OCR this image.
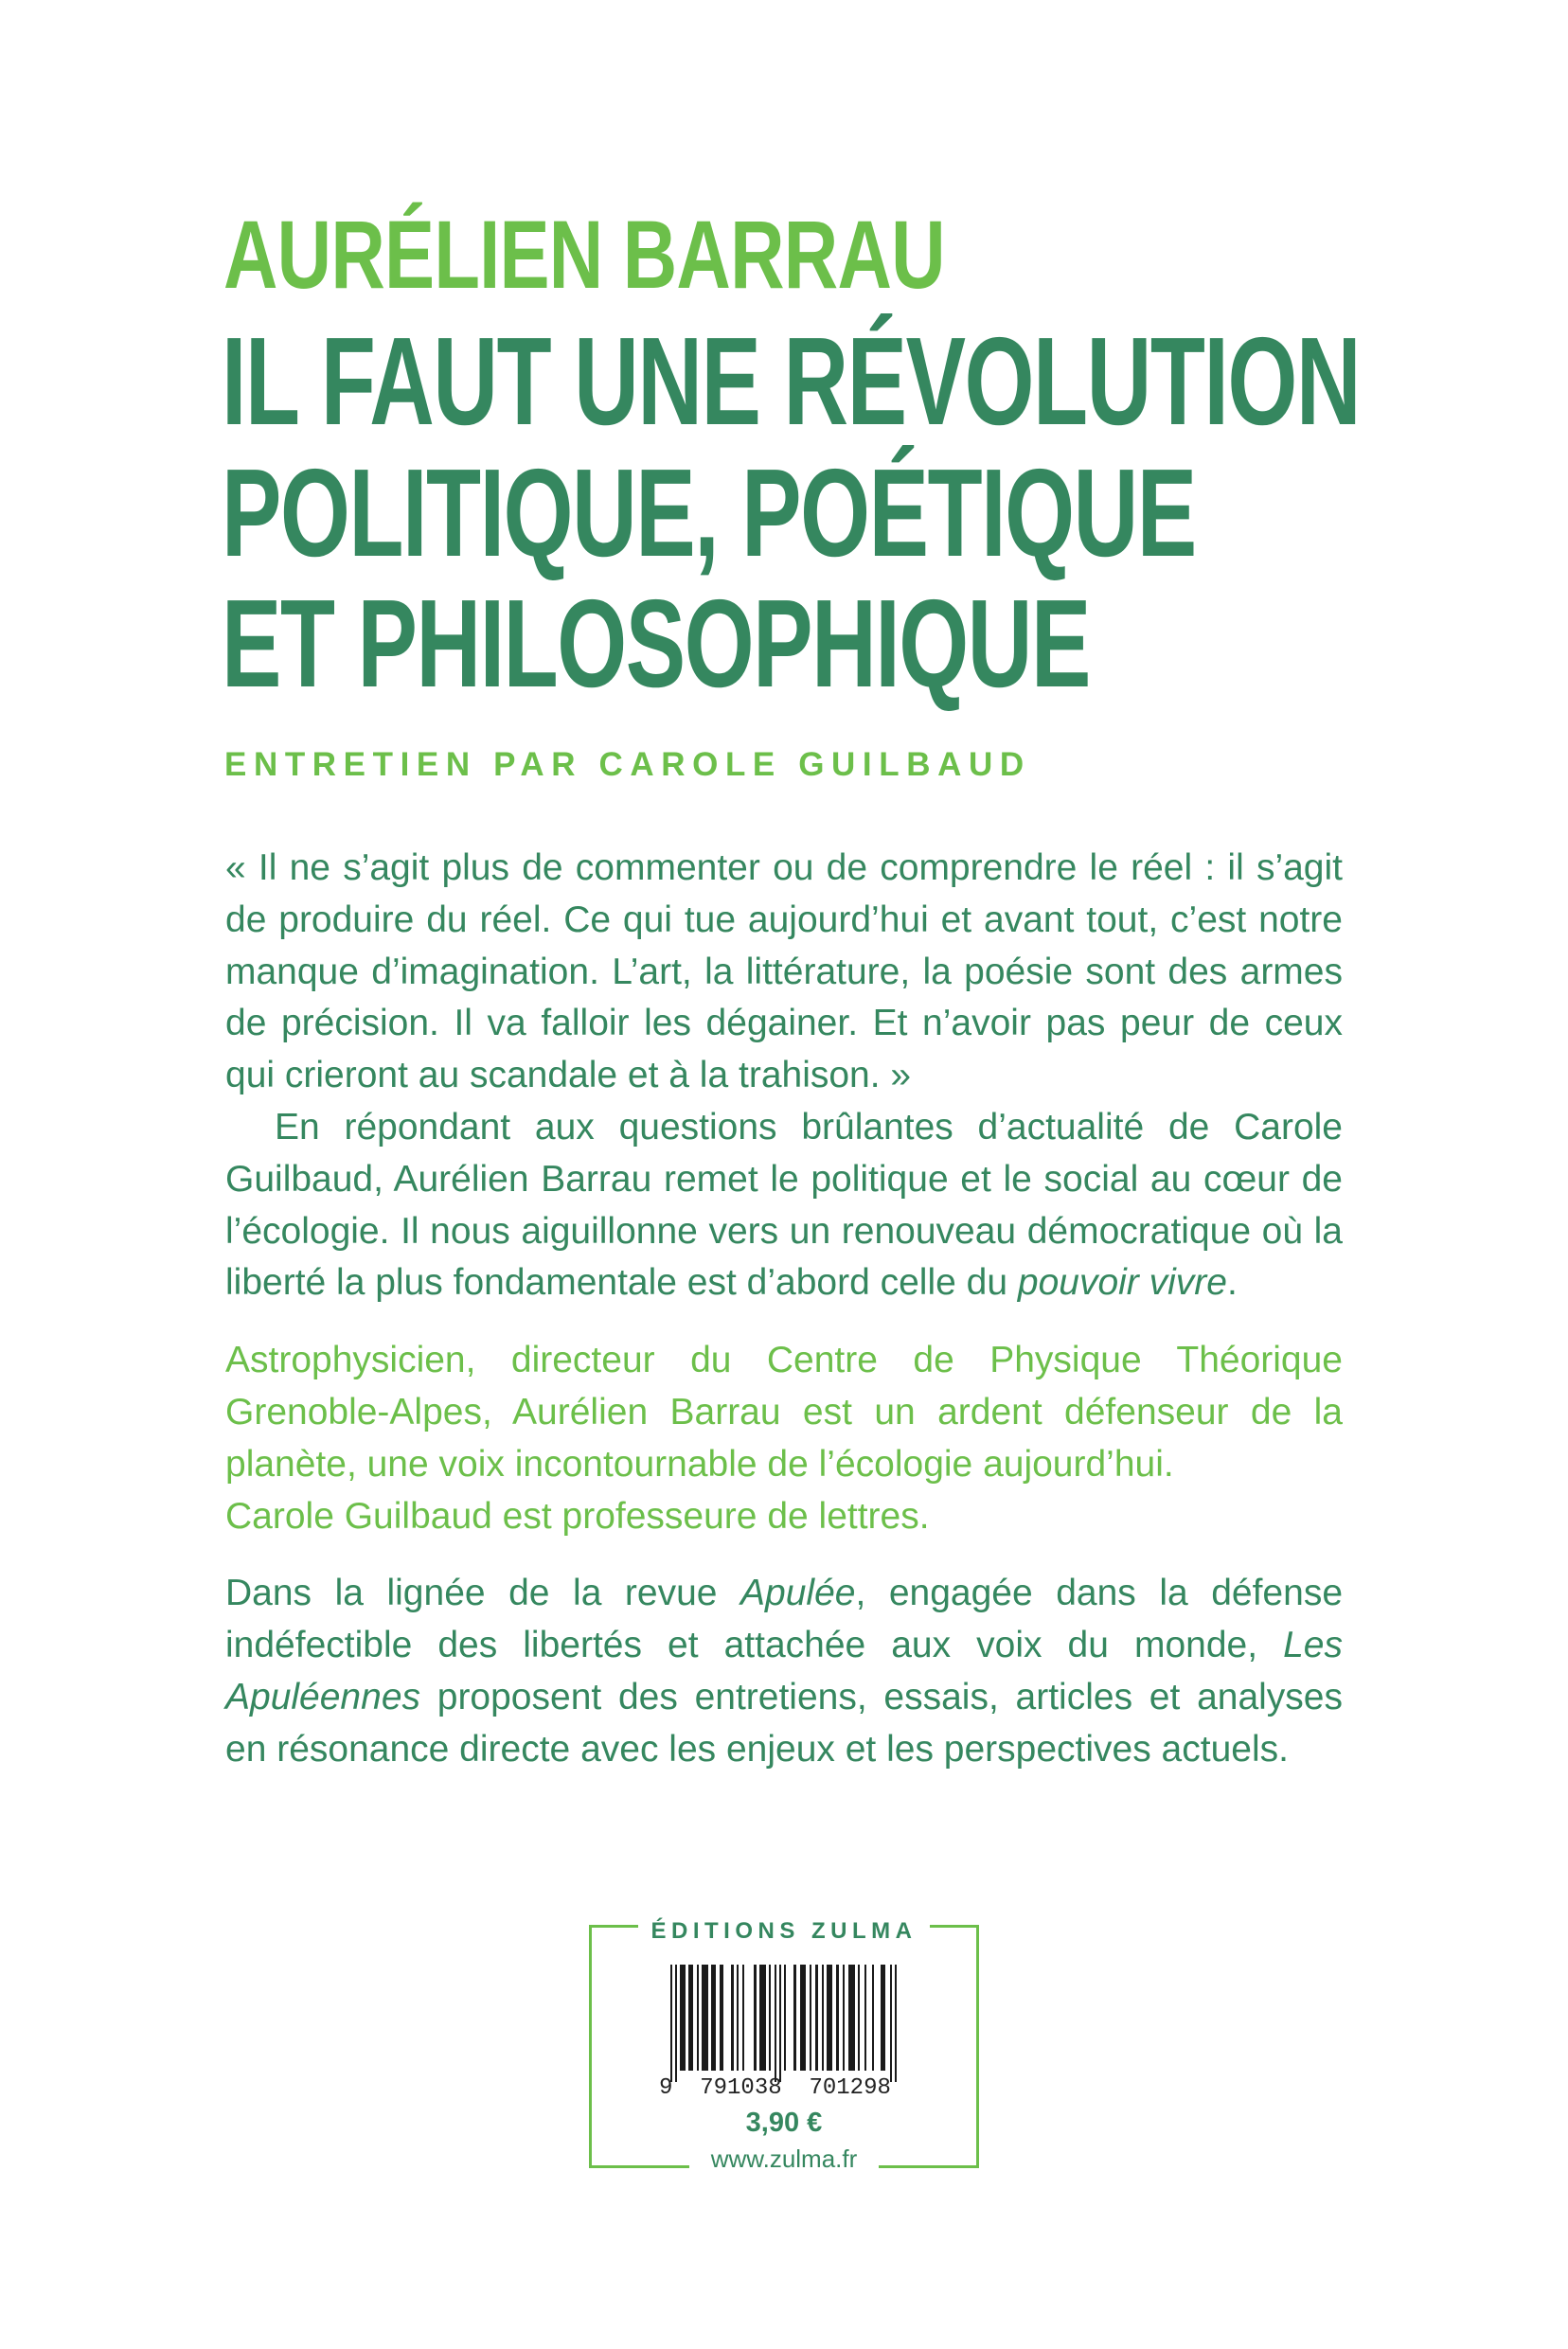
AURÉLIEN BARRAU
IL FAUT UNE RÉVOLUTION
POLITIQUE, POÉTIQUE
ET PHILOSOPHIQUE
ENTRETIEN PAR CAROLE GUILBAUD

« Il ne s’agit plus de commenter ou de comprendre le réel : il s’agit de produire du réel. Ce qui tue aujourd’hui et avant tout, c’est notre manque d’imagination. L’art, la littérature, la poésie sont des armes de précision. Il va falloir les dégainer. Et n’avoir pas peur de ceux qui crieront au scandale et à la trahison. »

En répondant aux questions brûlantes d’actualité de Carole Guilbaud, Aurélien Barrau remet le politique et le social au cœur de l’écologie. Il nous aiguillonne vers un renouveau démocratique où la liberté la plus fondamentale est d’abord celle du pouvoir vivre.

Astrophysicien, directeur du Centre de Physique Théorique Grenoble-Alpes, Aurélien Barrau est un ardent défenseur de la planète, une voix incontournable de l’écologie aujourd’hui.

Carole Guilbaud est professeure de lettres.

Dans la lignée de la revue Apulée, engagée dans la défense indéfectible des libertés et attachée aux voix du monde, Les Apuléennes proposent des entretiens, essais, articles et analyses en résonance directe avec les enjeux et les perspectives actuels.

ÉDITIONS ZULMA
9 791038 701298
3,90 €
www.zulma.fr
